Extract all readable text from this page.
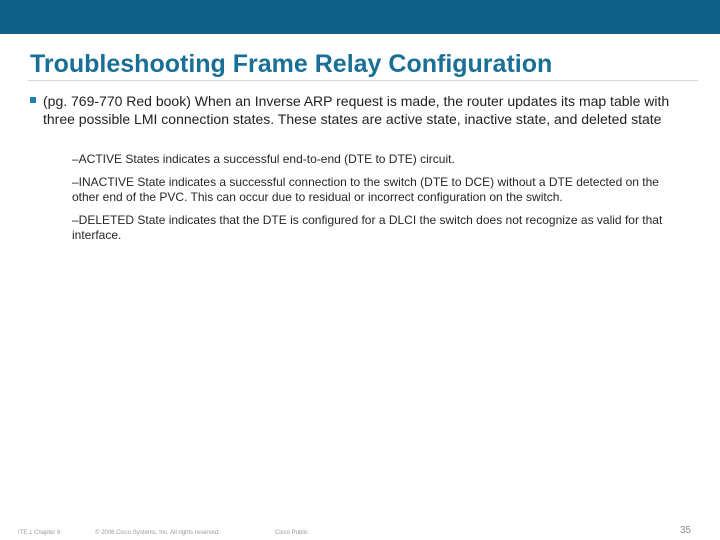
Troubleshooting Frame Relay Configuration
(pg. 769-770 Red book) When an Inverse ARP request is made, the router updates its map table with three possible LMI connection states. These states are active state, inactive state, and deleted state
–ACTIVE States indicates a successful end-to-end (DTE to DTE) circuit.
–INACTIVE State indicates a successful connection to the switch (DTE to DCE) without a DTE detected on the other end of the PVC. This can occur due to residual or incorrect configuration on the switch.
–DELETED State indicates that the DTE is configured for a DLCI the switch does not recognize as valid for that interface.
ITE 1 Chapter 6	© 2006 Cisco Systems, Inc. All rights reserved.	Cisco Public	35
